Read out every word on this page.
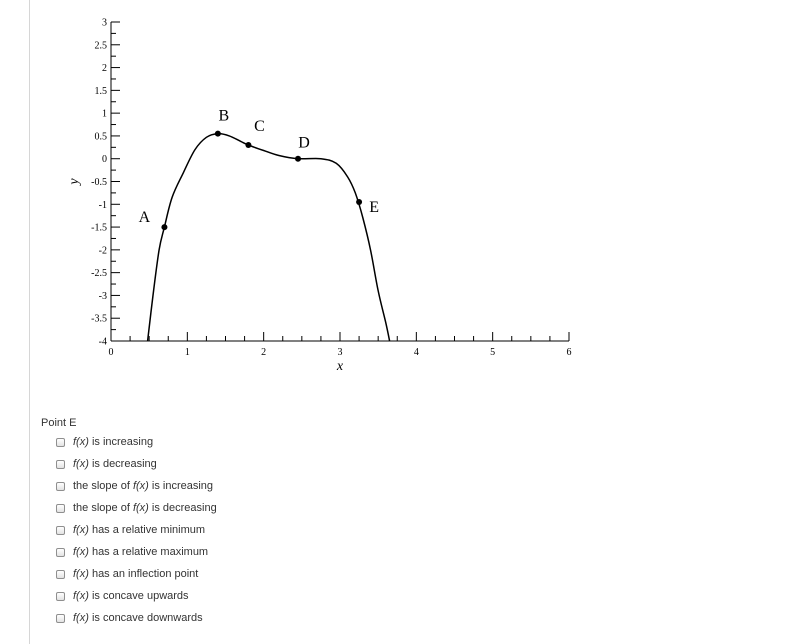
3
2.5
2
1.5
1
0.5
0
-0.5
-1
-1.5
-2
-2.5
-3
-3.5
-4
0	1	2	3	4	5	6
x
y
A
B
C
D
E
Point E
f(x) is increasing
f(x) is decreasing
the slope of f(x) is increasing
the slope of f(x) is decreasing
f(x) has a relative minimum
f(x) has a relative maximum
f(x) has an inflection point
f(x) is concave upwards
f(x) is concave downwards
